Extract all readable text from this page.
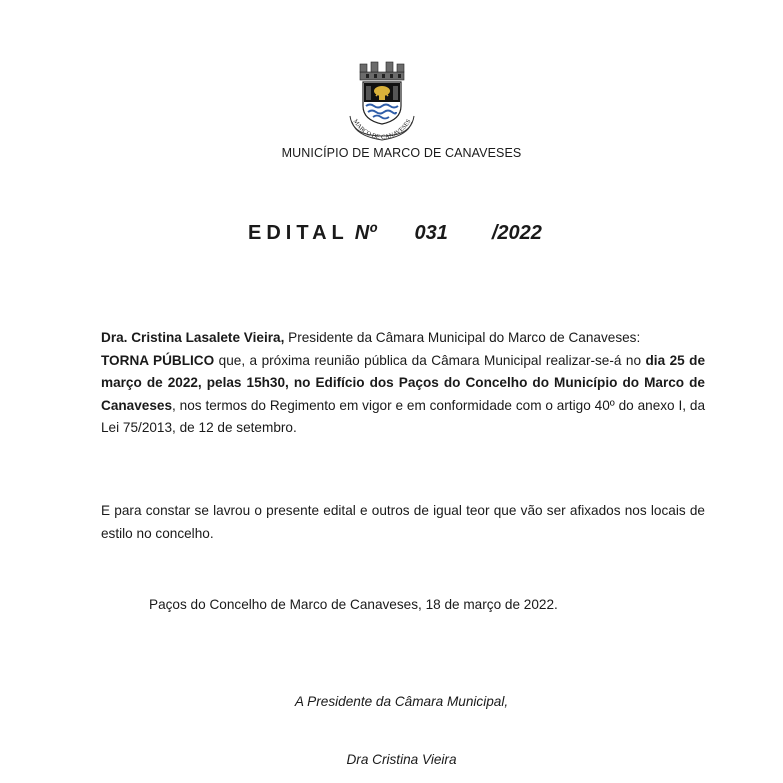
MARCO DE CANAVESES
MUNICÍPIO DE MARCO DE CANAVESES
EDITAL Nº 031 /2022
Dra. Cristina Lasalete Vieira, Presidente da Câmara Municipal do Marco de Canaveses:
TORNA PÚBLICO que, a próxima reunião pública da Câmara Municipal realizar-se-á no dia 25 de março de 2022, pelas 15h30, no Edifício dos Paços do Concelho do Município do Marco de Canaveses, nos termos do Regimento em vigor e em conformidade com o artigo 40º do anexo I, da Lei 75/2013, de 12 de setembro.
E para constar se lavrou o presente edital e outros de igual teor que vão ser afixados nos locais de estilo no concelho.
Paços do Concelho de Marco de Canaveses, 18 de março de 2022.
A Presidente da Câmara Municipal,
Dra Cristina Vieira
